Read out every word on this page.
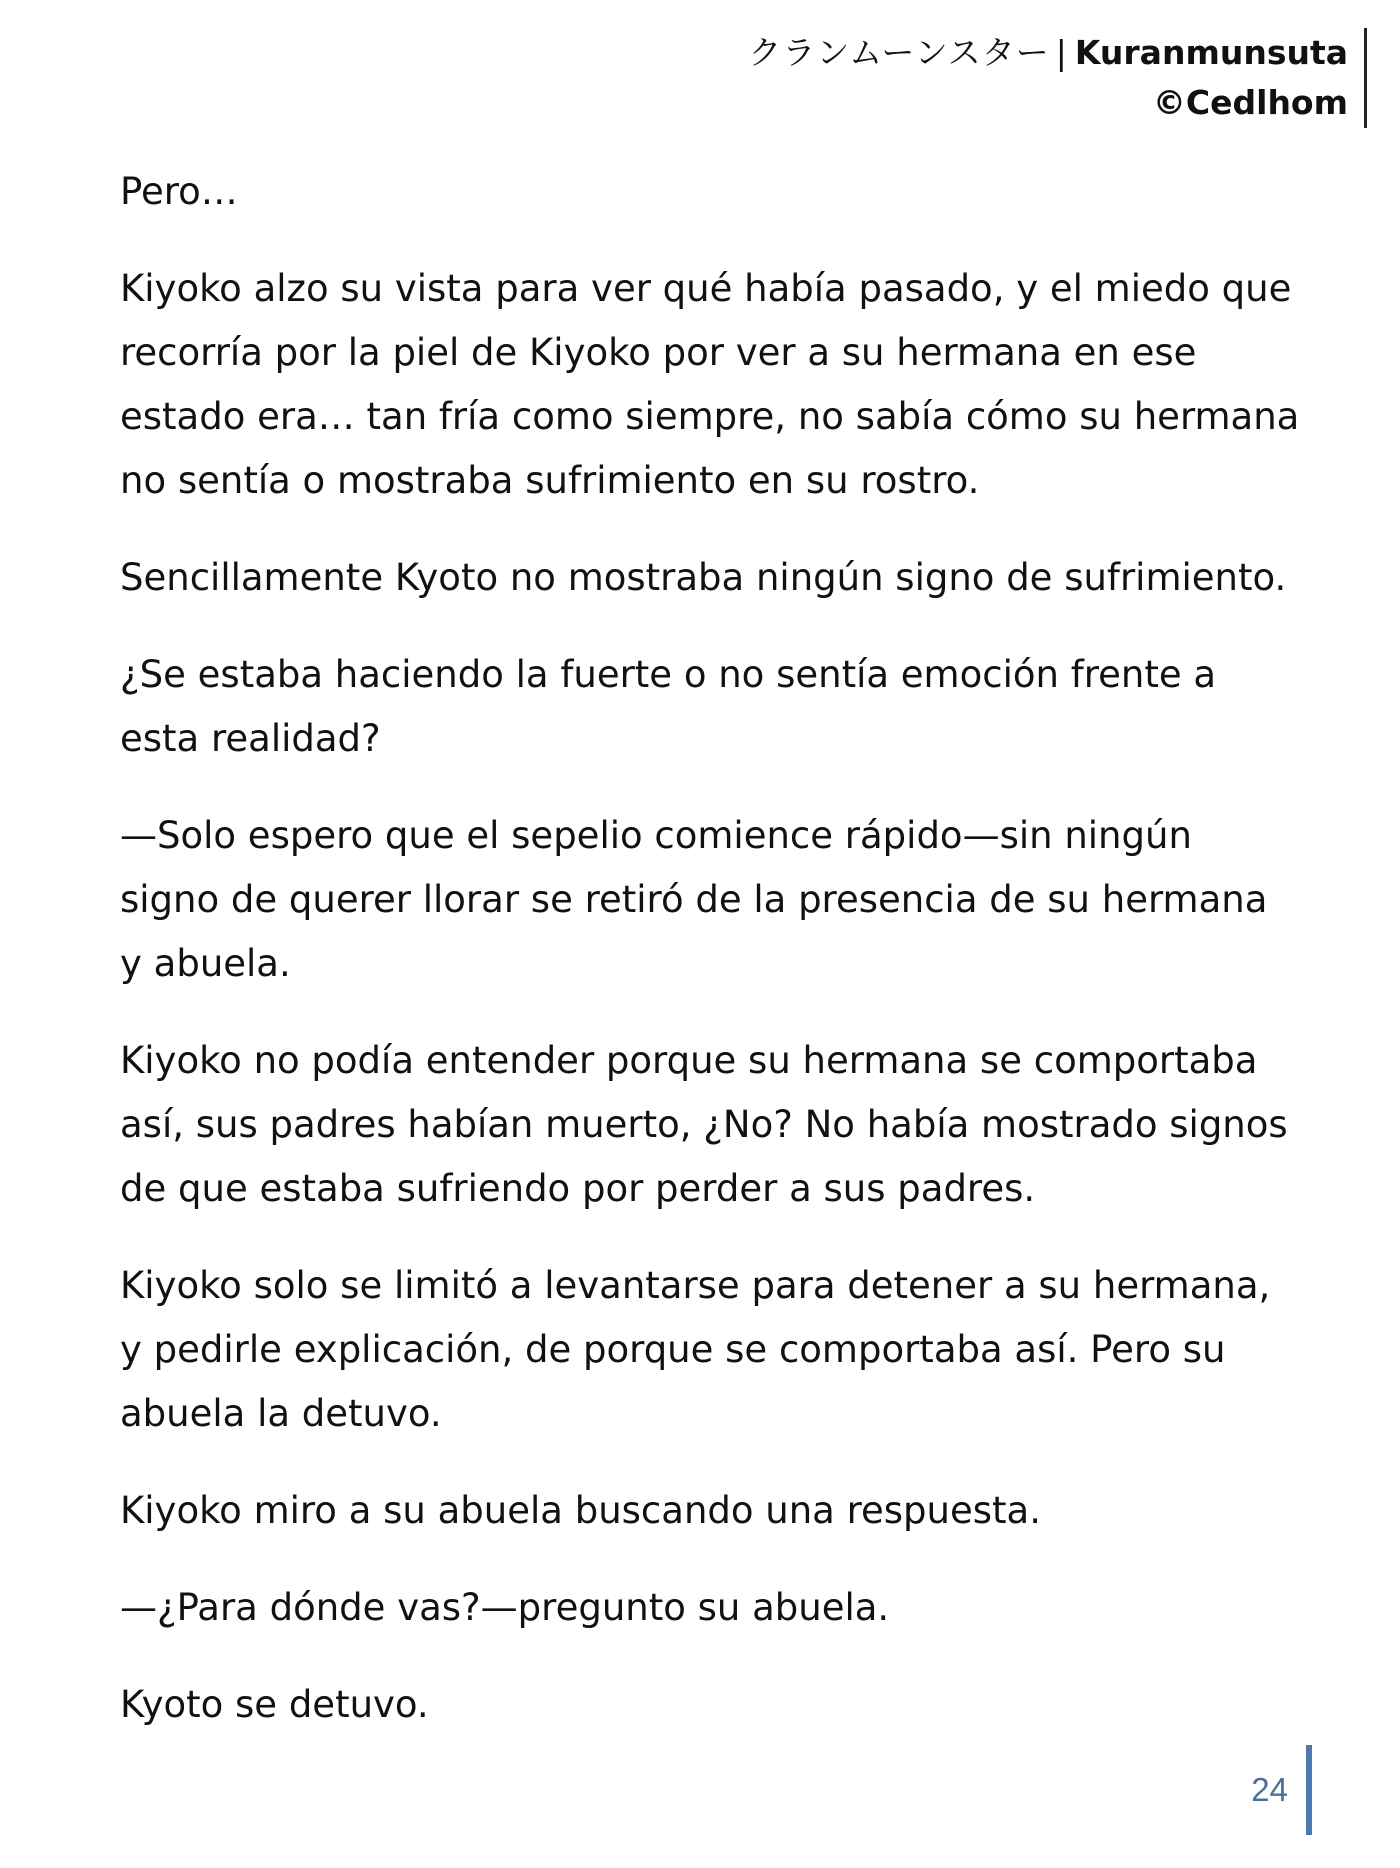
クランムーンスター | Kuranmunsuta
©Cedlhom

Pero…

Kiyoko alzo su vista para ver qué había pasado, y el miedo que recorría por la piel de Kiyoko por ver a su hermana en ese estado era… tan fría como siempre, no sabía cómo su hermana no sentía o mostraba sufrimiento en su rostro.

Sencillamente Kyoto no mostraba ningún signo de sufrimiento.

¿Se estaba haciendo la fuerte o no sentía emoción frente a esta realidad?

—Solo espero que el sepelio comience rápido—sin ningún signo de querer llorar se retiró de la presencia de su hermana y abuela.

Kiyoko no podía entender porque su hermana se comportaba así, sus padres habían muerto, ¿No? No había mostrado signos de que estaba sufriendo por perder a sus padres.

Kiyoko solo se limitó a levantarse para detener a su hermana, y pedirle explicación, de porque se comportaba así. Pero su abuela la detuvo.

Kiyoko miro a su abuela buscando una respuesta.

—¿Para dónde vas?—pregunto su abuela.

Kyoto se detuvo.

24
